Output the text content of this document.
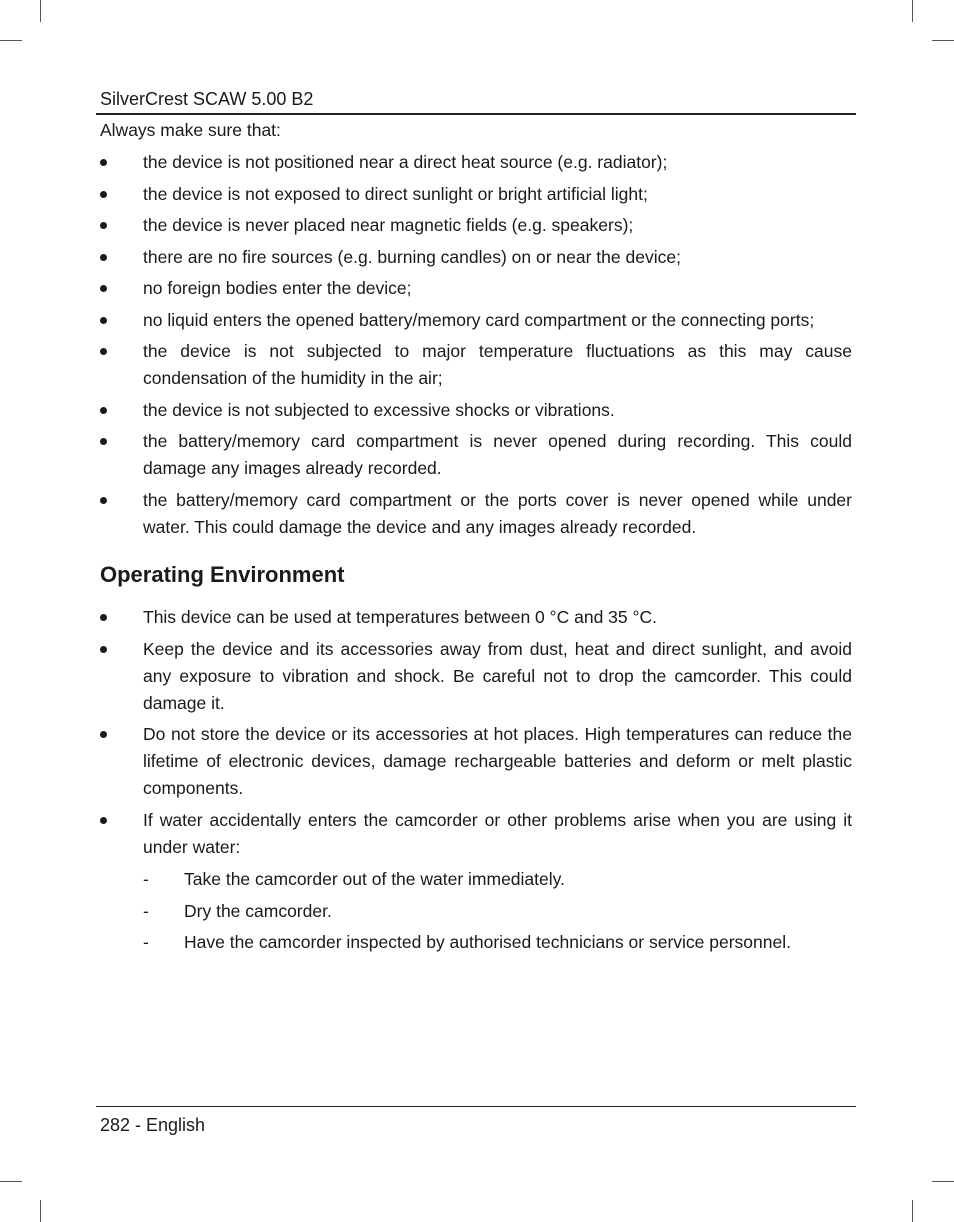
SilverCrest SCAW 5.00 B2
Always make sure that:
the device is not positioned near a direct heat source (e.g. radiator);
the device is not exposed to direct sunlight or bright artificial light;
the device is never placed near magnetic fields (e.g. speakers);
there are no fire sources (e.g. burning candles) on or near the device;
no foreign bodies enter the device;
no liquid enters the opened battery/memory card compartment or the connecting ports;
the device is not subjected to major temperature fluctuations as this may cause condensation of the humidity in the air;
the device is not subjected to excessive shocks or vibrations.
the battery/memory card compartment is never opened during recording. This could damage any images already recorded.
the battery/memory card compartment or the ports cover is never opened while under water. This could damage the device and any images already recorded.
Operating Environment
This device can be used at temperatures between 0 °C and 35 °C.
Keep the device and its accessories away from dust, heat and direct sunlight, and avoid any exposure to vibration and shock. Be careful not to drop the camcorder. This could damage it.
Do not store the device or its accessories at hot places. High temperatures can reduce the lifetime of electronic devices, damage rechargeable batteries and deform or melt plastic components.
If water accidentally enters the camcorder or other problems arise when you are using it under water:
- Take the camcorder out of the water immediately.
- Dry the camcorder.
- Have the camcorder inspected by authorised technicians or service personnel.
282 - English
